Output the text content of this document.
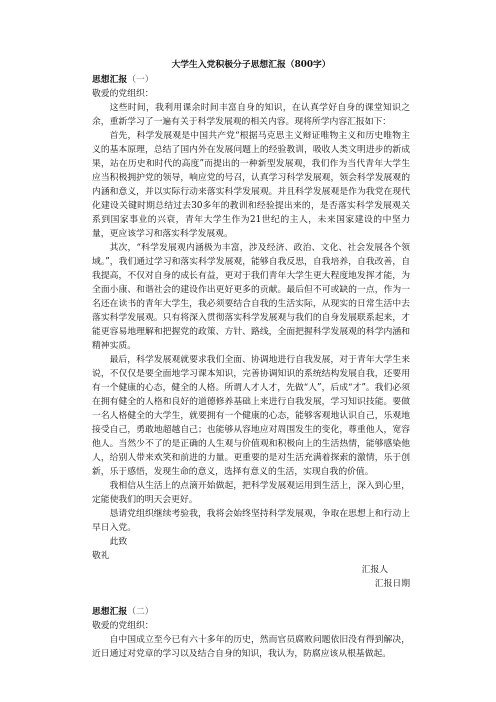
大学生入党积极分子思想汇报（800字）
思想汇报（一）

敬爱的党组织：

这些时间，我利用课余时间丰富自身的知识，在认真学好自身的课堂知识之余，重新学习了一遍有关于科学发展观的相关内容。现将所学内容汇报如下：

首先，科学发展观是中国共产党“根据马克思主义辩证唯物主义和历史唯物主义的基本原理，总结了国内外在发展问题上的经验教训，吸收人类文明进步的新成果，站在历史和时代的高度”而提出的一种新型发展观，我们作为当代青年大学生应当积极拥护党的领导，响应党的号召，认真学习科学发展观，领会科学发展观的内涵和意义，并以实际行动来落实科学发展观。并且科学发展观是作为我党在现代化建设关键时期总结过去30多年的教训和经验提出来的，是否落实科学发展观关系到国家事业的兴衰，青年大学生作为21世纪的主人，未来国家建设的中坚力量，更应该学习和落实科学发展观。

其次，“科学发展观内涵极为丰富，涉及经济、政治、文化、社会发展各个领域。”，我们通过学习和落实科学发展观，能够自我反思，自我培养，自我改善，自我提高，不仅对自身的成长有益，更对于我们青年大学生更大程度地发挥才能，为全面小康、和谐社会的建设作出更好更多的贡献。最后但不可或缺的一点，作为一名还在读书的青年大学生，我必须要结合自我的生活实际，从现实的日常生活中去落实科学发展观。只有将深入贯彻落实科学发展观与我们的自身发展联系起来，才能更容易地理解和把握党的政策、方针、路线，全面把握科学发展观的科学内涵和精神实质。

最后，科学发展观就要求我们全面、协调地进行自我发展，对于青年大学生来说，不仅仅是要全面地学习课本知识，完善协调知识的系统结构发展自我，还要用有一个健康的心态，健全的人格。所谓人才人才，先做“人”，后成“才”。我们必须在拥有健全的人格和良好的道德修养基础上来进行自我发展，学习知识技能。要做一名人格健全的大学生，就要拥有一个健康的心态，能够客观地认识自己，乐观地接受自己，勇敢地超越自己；也能够从容地应对周围发生的变化，尊重他人，宽容他人。当然少不了的是正确的人生观与价值观和积极向上的生活热情，能够感染他人，给别人带来欢笑和前进的力量。更重要的是对生活充满着探索的激情，乐于创新，乐于感悟，发现生命的意义，选择有意义的生活，实现自我的价值。

我相信从生活上的点滴开始做起，把科学发展观运用到生活上，深入到心里，定能使我们的明天会更好。

恳请党组织继续考验我，我将会始终坚持科学发展观，争取在思想上和行动上早日入党。

此致

敬礼

汇报人

汇报日期

思想汇报（二）

敬爱的党组织：

自中国成立至今已有六十多年的历史，然而官员腐败问题依旧没有得到解决，近日通过对党章的学习以及结合自身的知识，我认为，防腐应该从根基做起。
